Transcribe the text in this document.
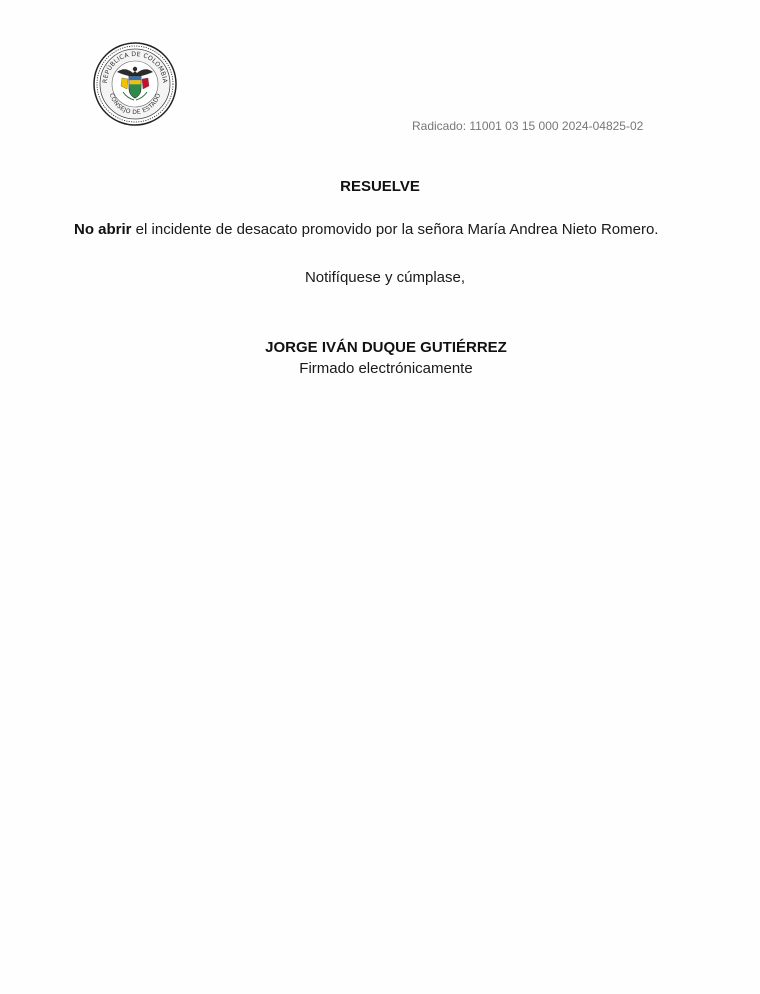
REPÚBLICA DE COLOMBIA
CONSEJO DE ESTADO
Radicado: 11001 03 15 000 2024-04825-02
RESUELVE
No abrir el incidente de desacato promovido por la señora María Andrea Nieto Romero.
Notifíquese y cúmplase,
JORGE IVÁN DUQUE GUTIÉRREZ
Firmado electrónicamente
